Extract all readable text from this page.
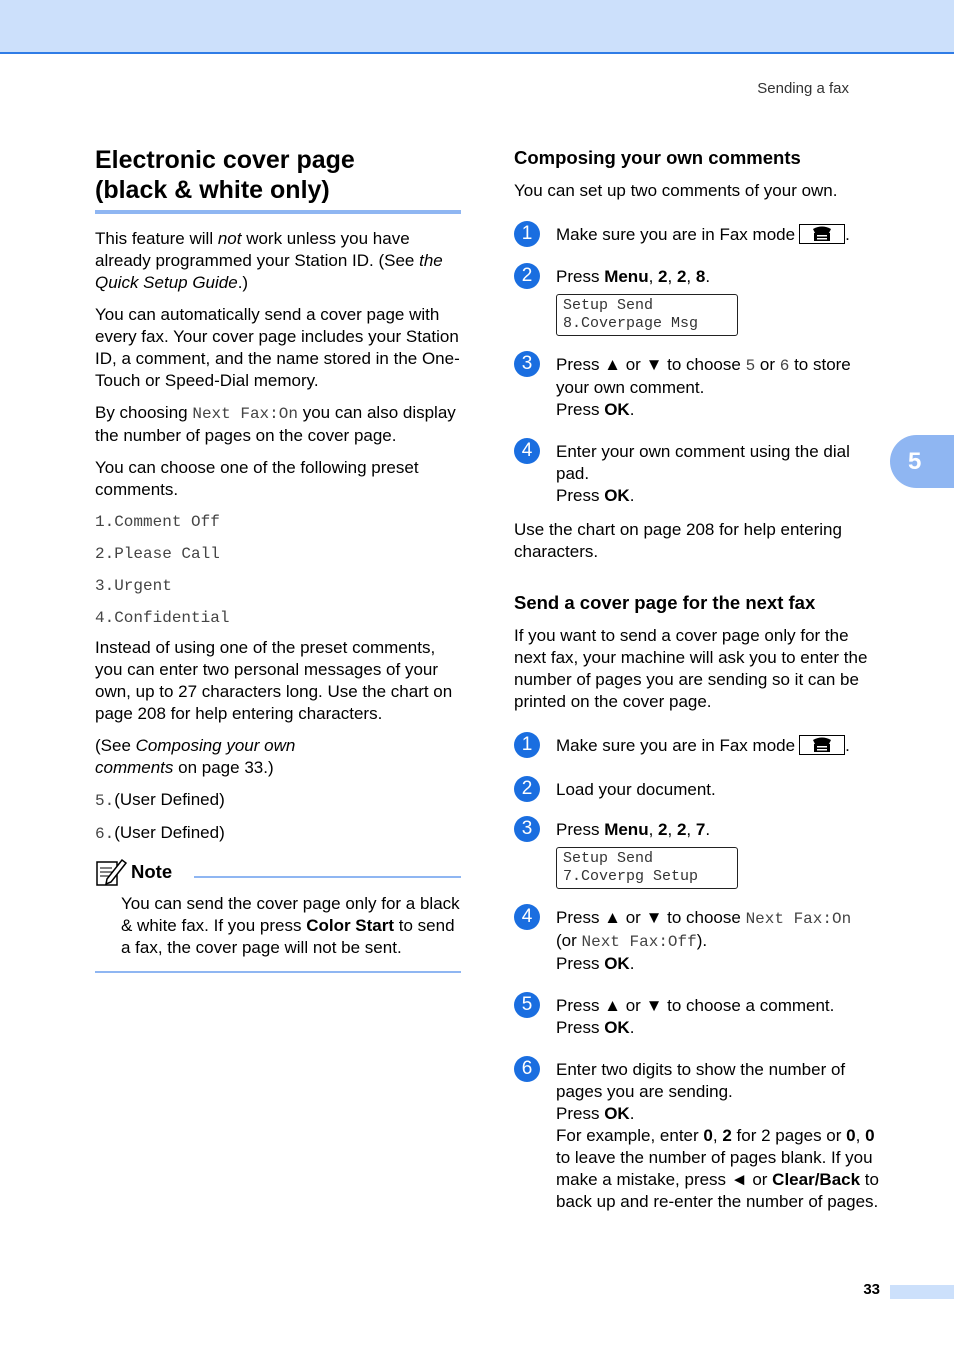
Sending a fax
Electronic cover page
(black & white only)

This feature will not work unless you have already programmed your Station ID. (See the Quick Setup Guide.)

You can automatically send a cover page with every fax. Your cover page includes your Station ID, a comment, and the name stored in the One-Touch or Speed-Dial memory.

By choosing Next Fax:On you can also display the number of pages on the cover page.

You can choose one of the following preset comments.

1.Comment Off
2.Please Call
3.Urgent
4.Confidential

Instead of using one of the preset comments, you can enter two personal messages of your own, up to 27 characters long. Use the chart on page 208 for help entering characters.

(See Composing your own comments on page 33.)

5.(User Defined)

6.(User Defined)

Note
You can send the cover page only for a black & white fax. If you press Color Start to send a fax, the cover page will not be sent.
Composing your own comments

You can set up two comments of your own.

1	Make sure you are in Fax mode	.
2	Press Menu, 2, 2, 8.
Setup Send
8.Coverpage Msg
3	Press ▲ or ▼ to choose 5 or 6 to store your own comment.
Press OK.
4	Enter your own comment using the dial pad.
Press OK.

Use the chart on page 208 for help entering characters.

Send a cover page for the next fax

If you want to send a cover page only for the next fax, your machine will ask you to enter the number of pages you are sending so it can be printed on the cover page.

1	Make sure you are in Fax mode	.
2	Load your document.
3	Press Menu, 2, 2, 7.
Setup Send
7.Coverpg Setup
4	Press ▲ or ▼ to choose Next Fax:On
(or Next Fax:Off).
Press OK.
5	Press ▲ or ▼ to choose a comment.
Press OK.
6	Enter two digits to show the number of pages you are sending.
Press OK.
For example, enter 0, 2 for 2 pages or 0, 0 to leave the number of pages blank. If you make a mistake, press ◄ or Clear/Back to back up and re-enter the number of pages.
5
33
